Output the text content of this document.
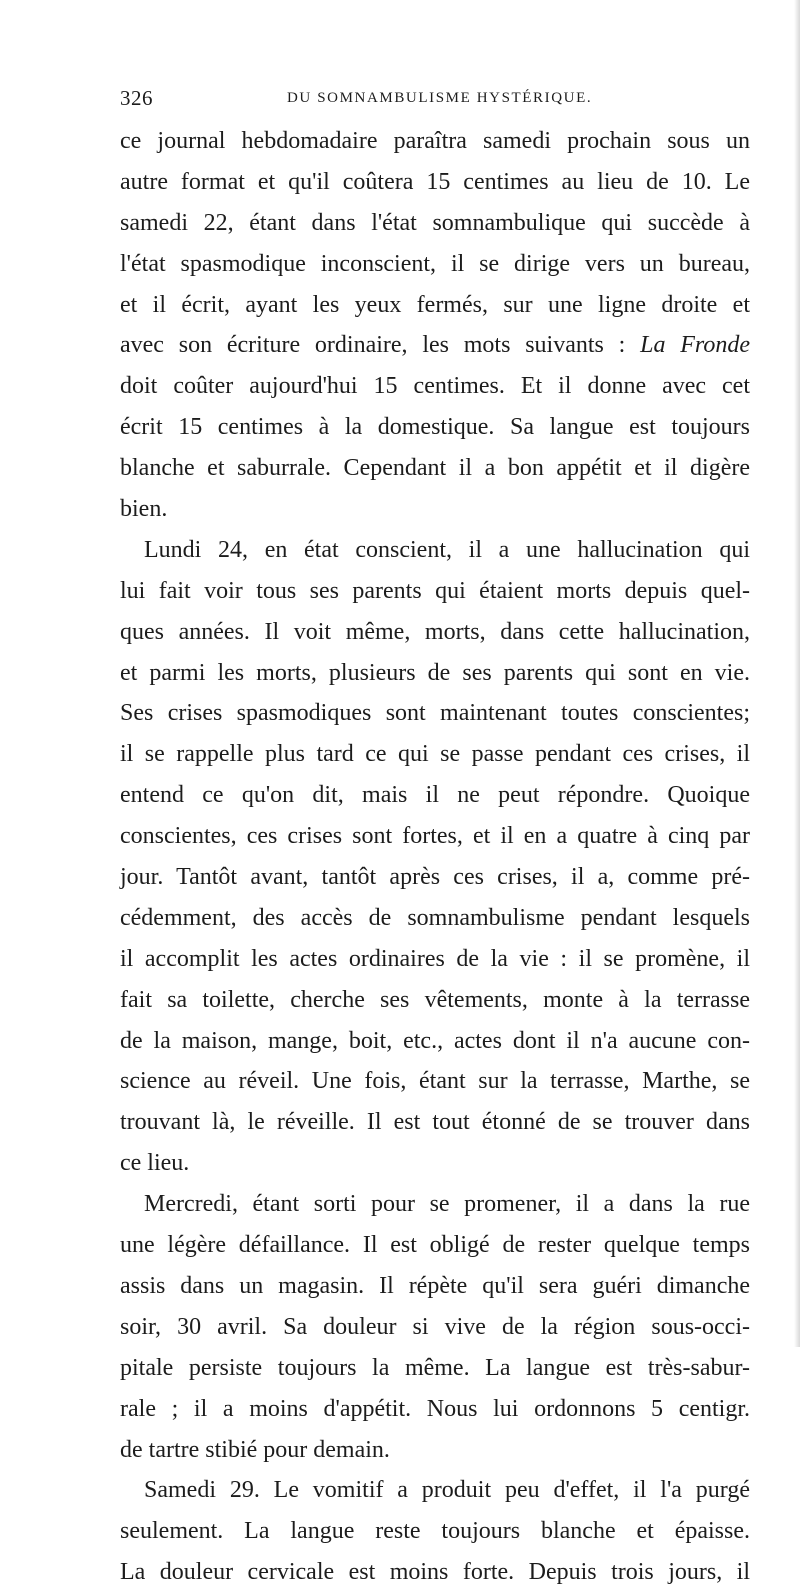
326	DU SOMNAMBULISME HYSTÉRIQUE.
ce journal hebdomadaire paraîtra samedi prochain sous un
autre format et qu'il coûtera 15 centimes au lieu de 10. Le
samedi 22, étant dans l'état somnambulique qui succède à
l'état spasmodique inconscient, il se dirige vers un bureau,
et il écrit, ayant les yeux fermés, sur une ligne droite et
avec son écriture ordinaire, les mots suivants : La Fronde
doit coûter aujourd'hui 15 centimes. Et il donne avec cet
écrit 15 centimes à la domestique. Sa langue est toujours
blanche et saburrale. Cependant il a bon appétit et il digère
bien.
Lundi 24, en état conscient, il a une hallucination qui
lui fait voir tous ses parents qui étaient morts depuis quel-
ques années. Il voit même, morts, dans cette hallucination,
et parmi les morts, plusieurs de ses parents qui sont en vie.
Ses crises spasmodiques sont maintenant toutes conscientes;
il se rappelle plus tard ce qui se passe pendant ces crises, il
entend ce qu'on dit, mais il ne peut répondre. Quoique
conscientes, ces crises sont fortes, et il en a quatre à cinq par
jour. Tantôt avant, tantôt après ces crises, il a, comme pré-
cédemment, des accès de somnambulisme pendant lesquels
il accomplit les actes ordinaires de la vie : il se promène, il
fait sa toilette, cherche ses vêtements, monte à la terrasse
de la maison, mange, boit, etc., actes dont il n'a aucune con-
science au réveil. Une fois, étant sur la terrasse, Marthe, se
trouvant là, le réveille. Il est tout étonné de se trouver dans
ce lieu.
Mercredi, étant sorti pour se promener, il a dans la rue
une légère défaillance. Il est obligé de rester quelque temps
assis dans un magasin. Il répète qu'il sera guéri dimanche
soir, 30 avril. Sa douleur si vive de la région sous-occi-
pitale persiste toujours la même. La langue est très-sabur-
rale ; il a moins d'appétit. Nous lui ordonnons 5 centigr.
de tartre stibié pour demain.
Samedi 29. Le vomitif a produit peu d'effet, il l'a purgé
seulement. La langue reste toujours blanche et épaisse.
La douleur cervicale est moins forte. Depuis trois jours, il
